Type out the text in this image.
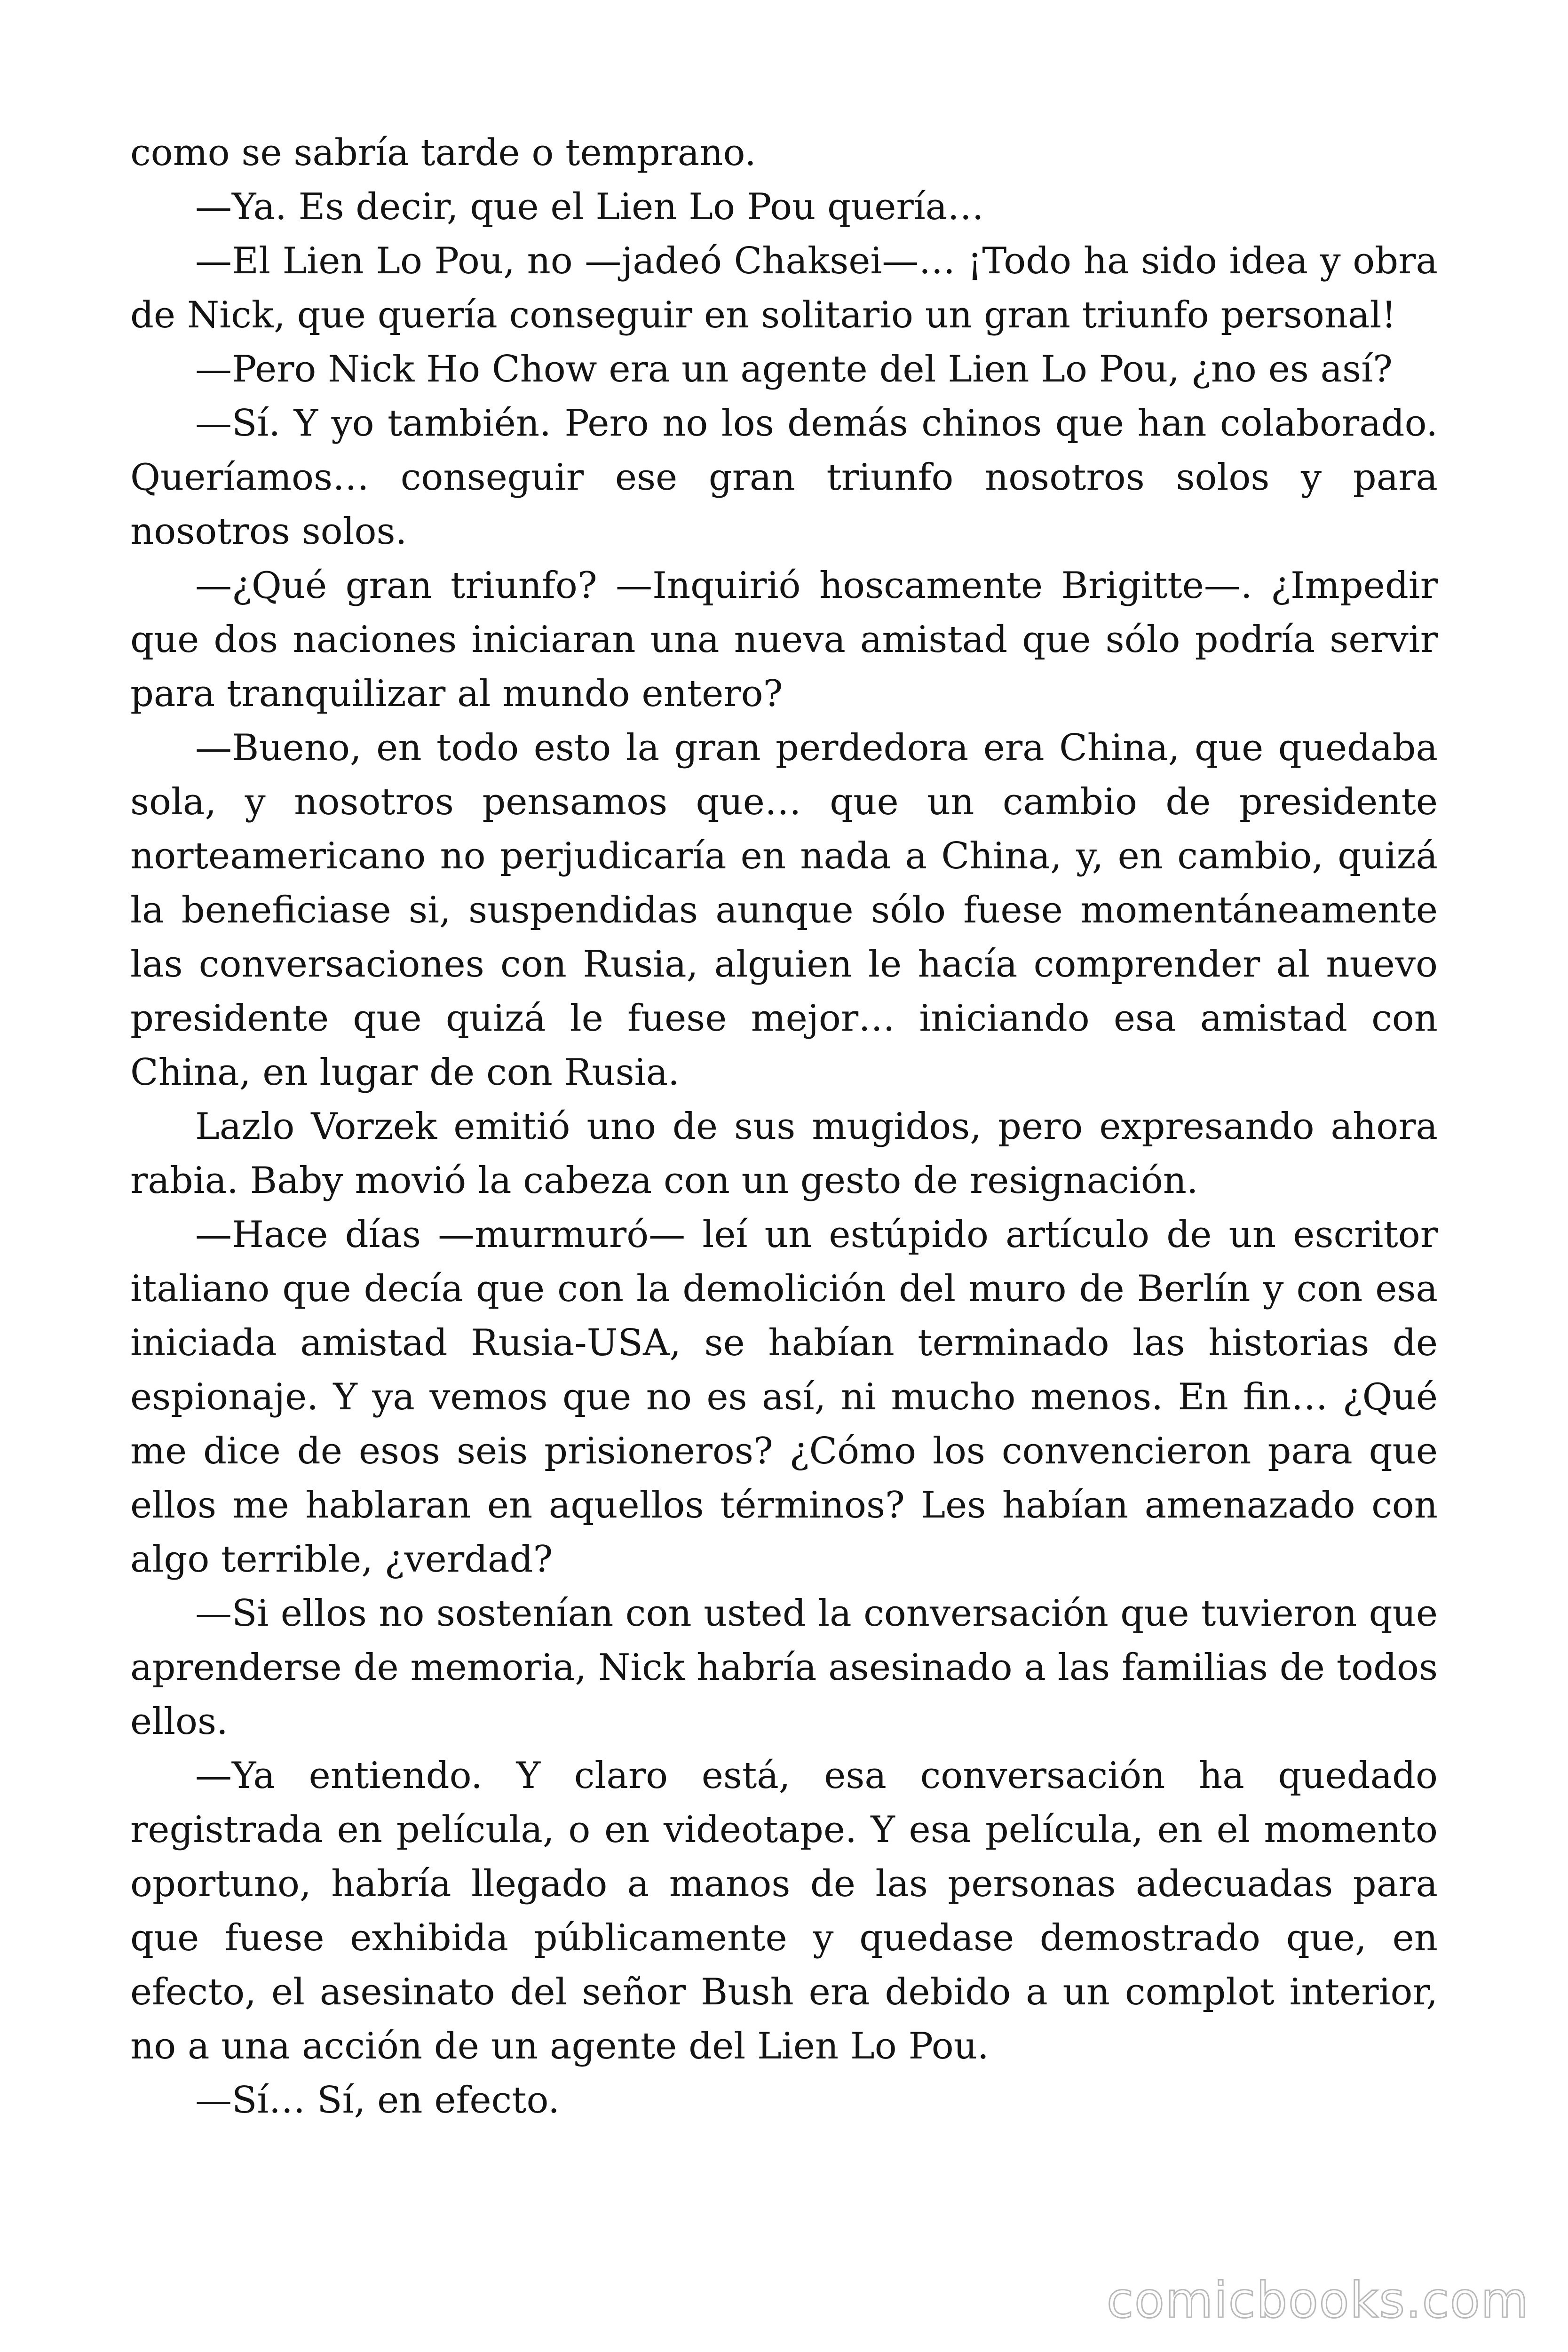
como se sabría tarde o temprano.

—Ya. Es decir, que el Lien Lo Pou quería…

—El Lien Lo Pou, no —jadeó Chaksei—… ¡Todo ha sido idea y obra de Nick, que quería conseguir en solitario un gran triunfo personal!

—Pero Nick Ho Chow era un agente del Lien Lo Pou, ¿no es así?

—Sí. Y yo también. Pero no los demás chinos que han colaborado. Queríamos… conseguir ese gran triunfo nosotros solos y para nosotros solos.

—¿Qué gran triunfo? —Inquirió hoscamente Brigitte—. ¿Impedir que dos naciones iniciaran una nueva amistad que sólo podría servir para tranquilizar al mundo entero?

—Bueno, en todo esto la gran perdedora era China, que quedaba sola, y nosotros pensamos que… que un cambio de presidente norteamericano no perjudicaría en nada a China, y, en cambio, quizá la beneficiase si, suspendidas aunque sólo fuese momentáneamente las conversaciones con Rusia, alguien le hacía comprender al nuevo presidente que quizá le fuese mejor… iniciando esa amistad con China, en lugar de con Rusia.

Lazlo Vorzek emitió uno de sus mugidos, pero expresando ahora rabia. Baby movió la cabeza con un gesto de resignación.

—Hace días —murmuró— leí un estúpido artículo de un escritor italiano que decía que con la demolición del muro de Berlín y con esa iniciada amistad Rusia-USA, se habían terminado las historias de espionaje. Y ya vemos que no es así, ni mucho menos. En fin… ¿Qué me dice de esos seis prisioneros? ¿Cómo los convencieron para que ellos me hablaran en aquellos términos? Les habían amenazado con algo terrible, ¿verdad?

—Si ellos no sostenían con usted la conversación que tuvieron que aprenderse de memoria, Nick habría asesinado a las familias de todos ellos.

—Ya entiendo. Y claro está, esa conversación ha quedado registrada en película, o en videotape. Y esa película, en el momento oportuno, habría llegado a manos de las personas adecuadas para que fuese exhibida públicamente y quedase demostrado que, en efecto, el asesinato del señor Bush era debido a un complot interior, no a una acción de un agente del Lien Lo Pou.

—Sí… Sí, en efecto.

comicbooks.com
